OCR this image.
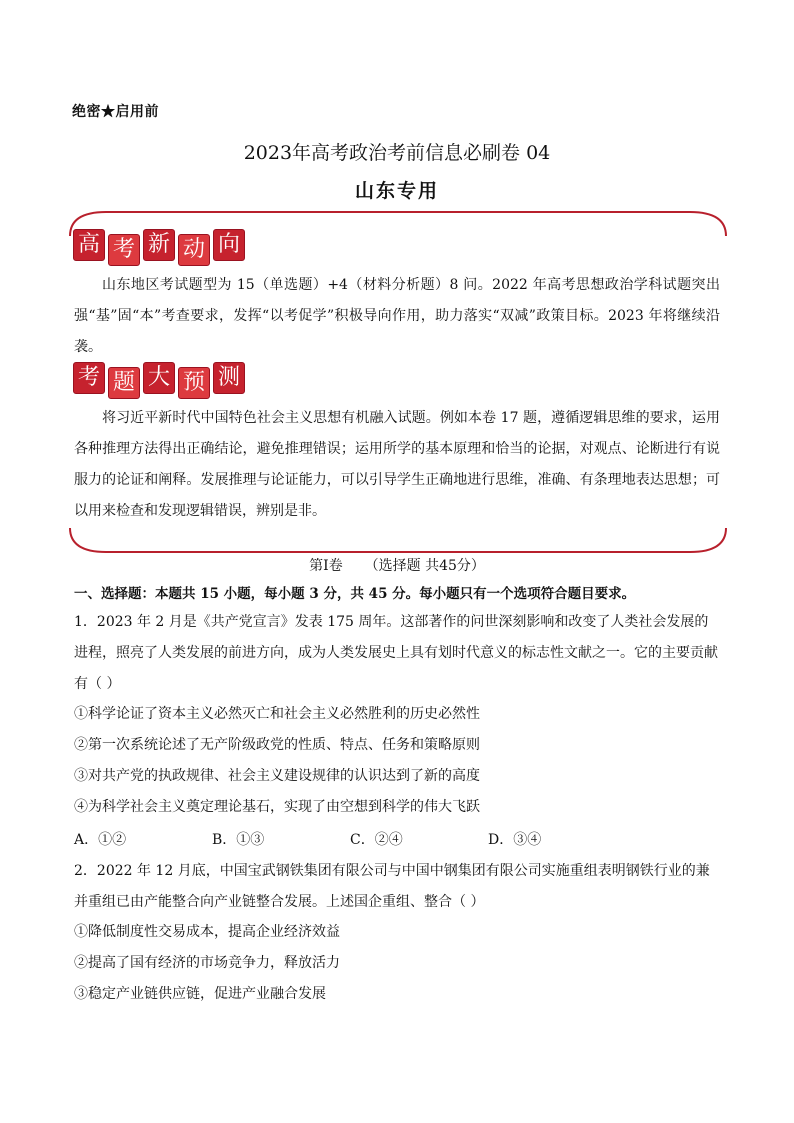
绝密★启用前
2023年高考政治考前信息必刷卷 04
山东专用
高 考 新 动 向
山东地区考试题型为 15（单选题）+4（材料分析题）8 问。2022 年高考思想政治学科试题突出强“基”固“本”考查要求，发挥“以考促学”积极导向作用，助力落实“双减”政策目标。2023 年将继续沿袭。
考 题 大 预 测
将习近平新时代中国特色社会主义思想有机融入试题。例如本卷 17 题，遵循逻辑思维的要求，运用各种推理方法得出正确结论，避免推理错误；运用所学的基本原理和恰当的论据，对观点、论断进行有说服力的论证和阐释。发展推理与论证能力，可以引导学生正确地进行思维，准确、有条理地表达思想；可以用来检查和发现逻辑错误，辨别是非。
第Ⅰ卷 （选择题 共45分）
一、选择题：本题共 15 小题，每小题 3 分，共 45 分。每小题只有一个选项符合题目要求。
1．2023 年 2 月是《共产党宣言》发表 175 周年。这部著作的问世深刻影响和改变了人类社会发展的进程，照亮了人类发展的前进方向，成为人类发展史上具有划时代意义的标志性文献之一。它的主要贡献有（ ）
①科学论证了资本主义必然灭亡和社会主义必然胜利的历史必然性
②第一次系统论述了无产阶级政党的性质、特点、任务和策略原则
③对共产党的执政规律、社会主义建设规律的认识达到了新的高度
④为科学社会主义奠定理论基石，实现了由空想到科学的伟大飞跃
A．①②	B．①③	C．②④	D．③④
2．2022 年 12 月底，中国宝武钢铁集团有限公司与中国中钢集团有限公司实施重组表明钢铁行业的兼并重组已由产能整合向产业链整合发展。上述国企重组、整合（ ）
①降低制度性交易成本，提高企业经济效益
②提高了国有经济的市场竞争力，释放活力
③稳定产业链供应链，促进产业融合发展
